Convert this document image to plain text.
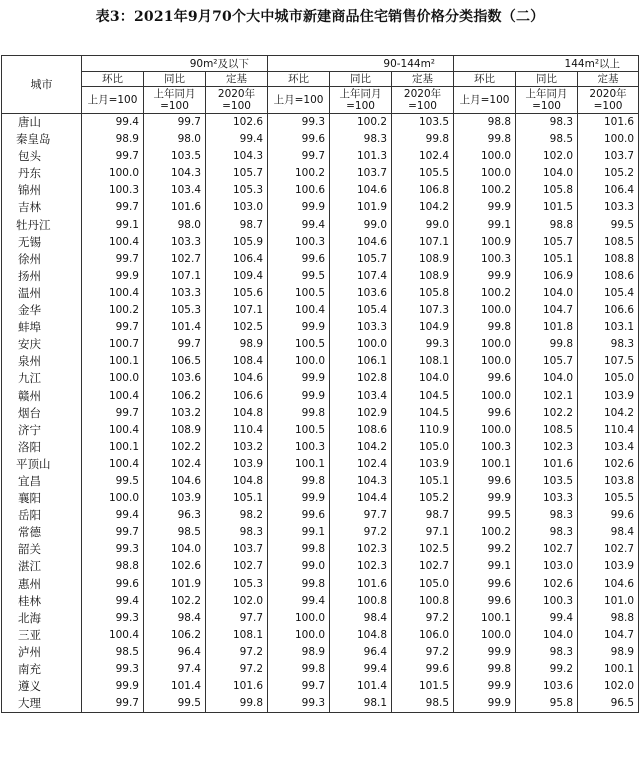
表3：2021年9月70个大中城市新建商品住宅销售价格分类指数（二）
城市	90m²及以下			90-144m²			144m²以上		
	环比	同比	定基	环比	同比	定基	环比	同比	定基
	上月=100	上年同月=100	2020年=100	上月=100	上年同月=100	2020年=100	上月=100	上年同月=100	2020年=100

唐山	99.4	99.7	102.6	99.3	100.2	103.5	98.8	98.3	101.6

秦皇岛	98.9	98.0	99.4	99.6	98.3	99.8	99.8	98.5	100.0

包头	99.7	103.5	104.3	99.7	101.3	102.4	100.0	102.0	103.7

丹东	100.0	104.3	105.7	100.2	103.7	105.5	100.0	104.0	105.2

锦州	100.3	103.4	105.3	100.6	104.6	106.8	100.2	105.8	106.4

吉林	99.7	101.6	103.0	99.9	101.9	104.2	99.9	101.5	103.3

牡丹江	99.1	98.0	98.7	99.4	99.0	99.0	99.1	98.8	99.5

无锡	100.4	103.3	105.9	100.3	104.6	107.1	100.9	105.7	108.5

徐州	99.7	102.7	106.4	99.6	105.7	108.9	100.3	105.1	108.8

扬州	99.9	107.1	109.4	99.5	107.4	108.9	99.9	106.9	108.6

温州	100.4	103.3	105.6	100.5	103.6	105.8	100.2	104.0	105.4

金华	100.2	105.3	107.1	100.4	105.4	107.3	100.0	104.7	106.6

蚌埠	99.7	101.4	102.5	99.9	103.3	104.9	99.8	101.8	103.1

安庆	100.7	99.7	98.9	100.5	100.0	99.3	100.0	99.8	98.3

泉州	100.1	106.5	108.4	100.0	106.1	108.1	100.0	105.7	107.5

九江	100.0	103.6	104.6	99.9	102.8	104.0	99.6	104.0	105.0

赣州	100.4	106.2	106.6	99.9	103.4	104.5	100.0	102.1	103.9

烟台	99.7	103.2	104.8	99.8	102.9	104.5	99.6	102.2	104.2

济宁	100.4	108.9	110.4	100.5	108.6	110.9	100.0	108.5	110.4

洛阳	100.1	102.2	103.2	100.3	104.2	105.0	100.3	102.3	103.4

平顶山	100.4	102.4	103.9	100.1	102.4	103.9	100.1	101.6	102.6

宜昌	99.5	104.6	104.8	99.8	104.3	105.1	99.6	103.5	103.8

襄阳	100.0	103.9	105.1	99.9	104.4	105.2	99.9	103.3	105.5

岳阳	99.4	96.3	98.2	99.6	97.7	98.7	99.5	98.3	99.6

常德	99.7	98.5	98.3	99.1	97.2	97.1	100.2	98.3	98.4

韶关	99.3	104.0	103.7	99.8	102.3	102.5	99.2	102.7	102.7

湛江	98.8	102.6	102.7	99.0	102.3	102.7	99.1	103.0	103.9

惠州	99.6	101.9	105.3	99.8	101.6	105.0	99.6	102.6	104.6

桂林	99.4	102.2	102.0	99.4	100.8	100.8	99.6	100.3	101.0

北海	99.3	98.4	97.7	100.0	98.4	97.2	100.1	99.4	98.8

三亚	100.4	106.2	108.1	100.0	104.8	106.0	100.0	104.0	104.7

泸州	98.5	96.4	97.2	98.9	96.4	97.2	99.9	98.3	98.9

南充	99.3	97.4	97.2	99.8	99.4	99.6	99.8	99.2	100.1

遵义	99.9	101.4	101.6	99.7	101.4	101.5	99.9	103.6	102.0

大理	99.7	99.5	99.8	99.3	98.1	98.5	99.9	95.8	96.5
